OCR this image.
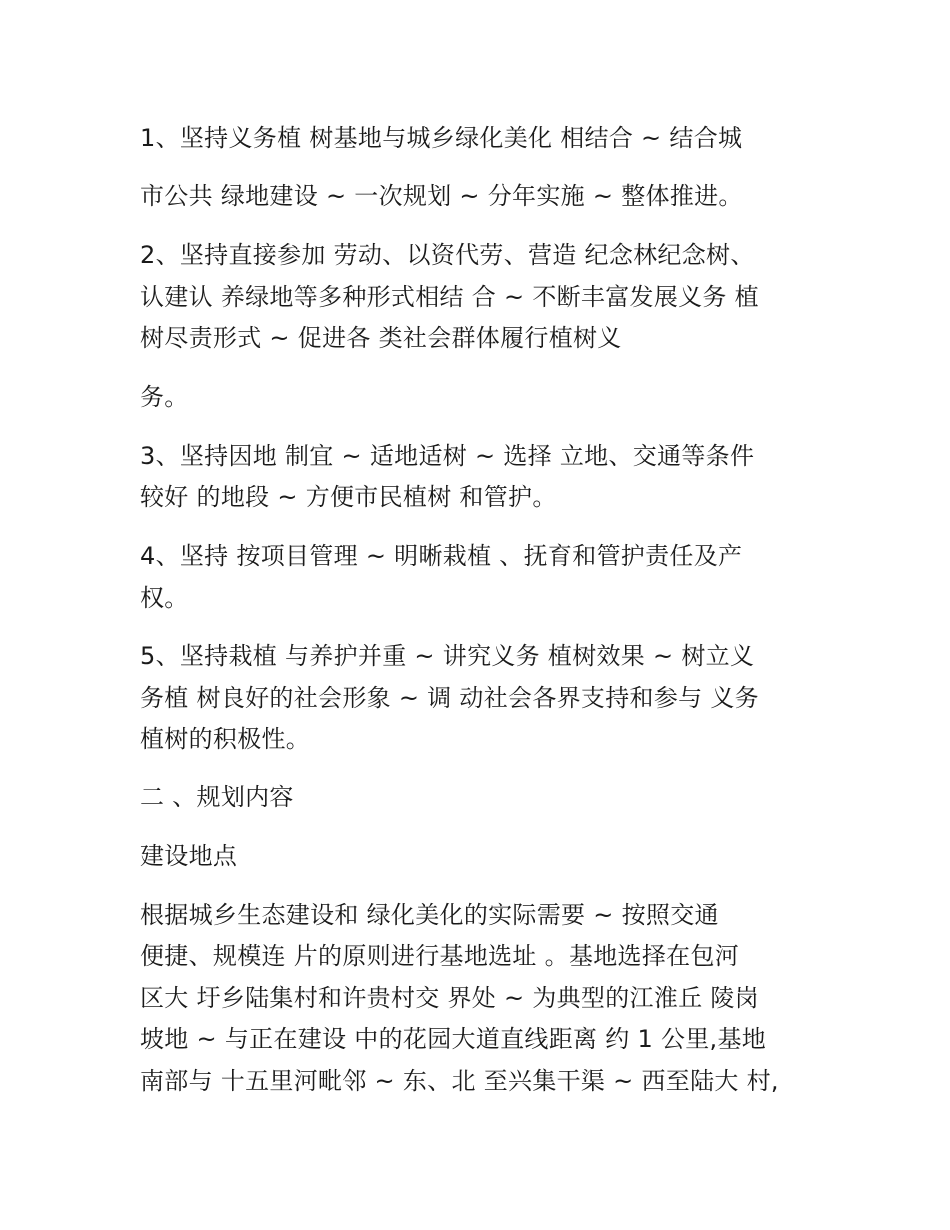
1、坚持义务植 树基地与城乡绿化美化 相结合 ~ 结合城
市公共 绿地建设 ~ 一次规划 ~ 分年实施 ~ 整体推进。
2、坚持直接参加 劳动、以资代劳、营造 纪念林纪念树、
认建认 养绿地等多种形式相结 合 ~ 不断丰富发展义务 植
树尽责形式 ~ 促进各 类社会群体履行植树义
务。
3、坚持因地 制宜 ~ 适地适树 ~ 选择 立地、交通等条件
较好 的地段 ~ 方便市民植树 和管护。
4、坚持 按项目管理 ~ 明晰栽植 、抚育和管护责任及产
权。
5、坚持栽植 与养护并重 ~ 讲究义务 植树效果 ~ 树立义
务植 树良好的社会形象 ~ 调 动社会各界支持和参与 义务
植树的积极性。
二 、规划内容
建设地点
根据城乡生态建设和 绿化美化的实际需要 ~ 按照交通
便捷、规模连 片的原则进行基地选址 。基地选择在包河
区大 圩乡陆集村和许贵村交 界处 ~ 为典型的江淮丘 陵岗
坡地 ~ 与正在建设 中的花园大道直线距离 约 1 公里,基地
南部与 十五里河毗邻 ~ 东、北 至兴集干渠 ~ 西至陆大 村,
